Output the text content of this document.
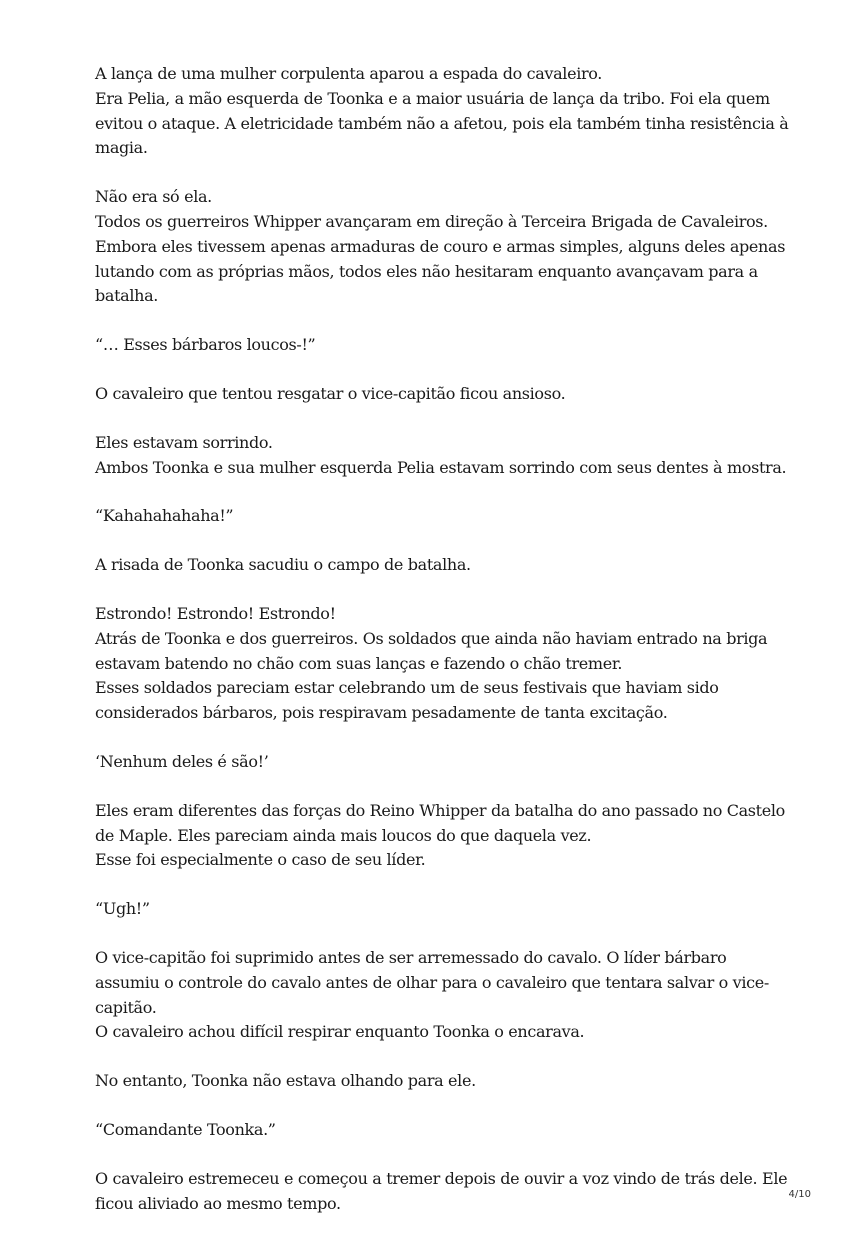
A lança de uma mulher corpulenta aparou a espada do cavaleiro.
Era Pelia, a mão esquerda de Toonka e a maior usuária de lança da tribo. Foi ela quem
evitou o ataque. A eletricidade também não a afetou, pois ela também tinha resistência à
magia.

Não era só ela.
Todos os guerreiros Whipper avançaram em direção à Terceira Brigada de Cavaleiros.
Embora eles tivessem apenas armaduras de couro e armas simples, alguns deles apenas
lutando com as próprias mãos, todos eles não hesitaram enquanto avançavam para a
batalha.

“… Esses bárbaros loucos-!”

O cavaleiro que tentou resgatar o vice-capitão ficou ansioso.

Eles estavam sorrindo.
Ambos Toonka e sua mulher esquerda Pelia estavam sorrindo com seus dentes à mostra.

“Kahahahahaha!”

A risada de Toonka sacudiu o campo de batalha.

Estrondo! Estrondo! Estrondo!
Atrás de Toonka e dos guerreiros. Os soldados que ainda não haviam entrado na briga
estavam batendo no chão com suas lanças e fazendo o chão tremer.
Esses soldados pareciam estar celebrando um de seus festivais que haviam sido
considerados bárbaros, pois respiravam pesadamente de tanta excitação.

‘Nenhum deles é são!’

Eles eram diferentes das forças do Reino Whipper da batalha do ano passado no Castelo
de Maple. Eles pareciam ainda mais loucos do que daquela vez.
Esse foi especialmente o caso de seu líder.

“Ugh!”

O vice-capitão foi suprimido antes de ser arremessado do cavalo. O líder bárbaro
assumiu o controle do cavalo antes de olhar para o cavaleiro que tentara salvar o vice-
capitão.
O cavaleiro achou difícil respirar enquanto Toonka o encarava.

No entanto, Toonka não estava olhando para ele.

“Comandante Toonka.”

O cavaleiro estremeceu e começou a tremer depois de ouvir a voz vindo de trás dele. Ele
ficou aliviado ao mesmo tempo.	4/10
